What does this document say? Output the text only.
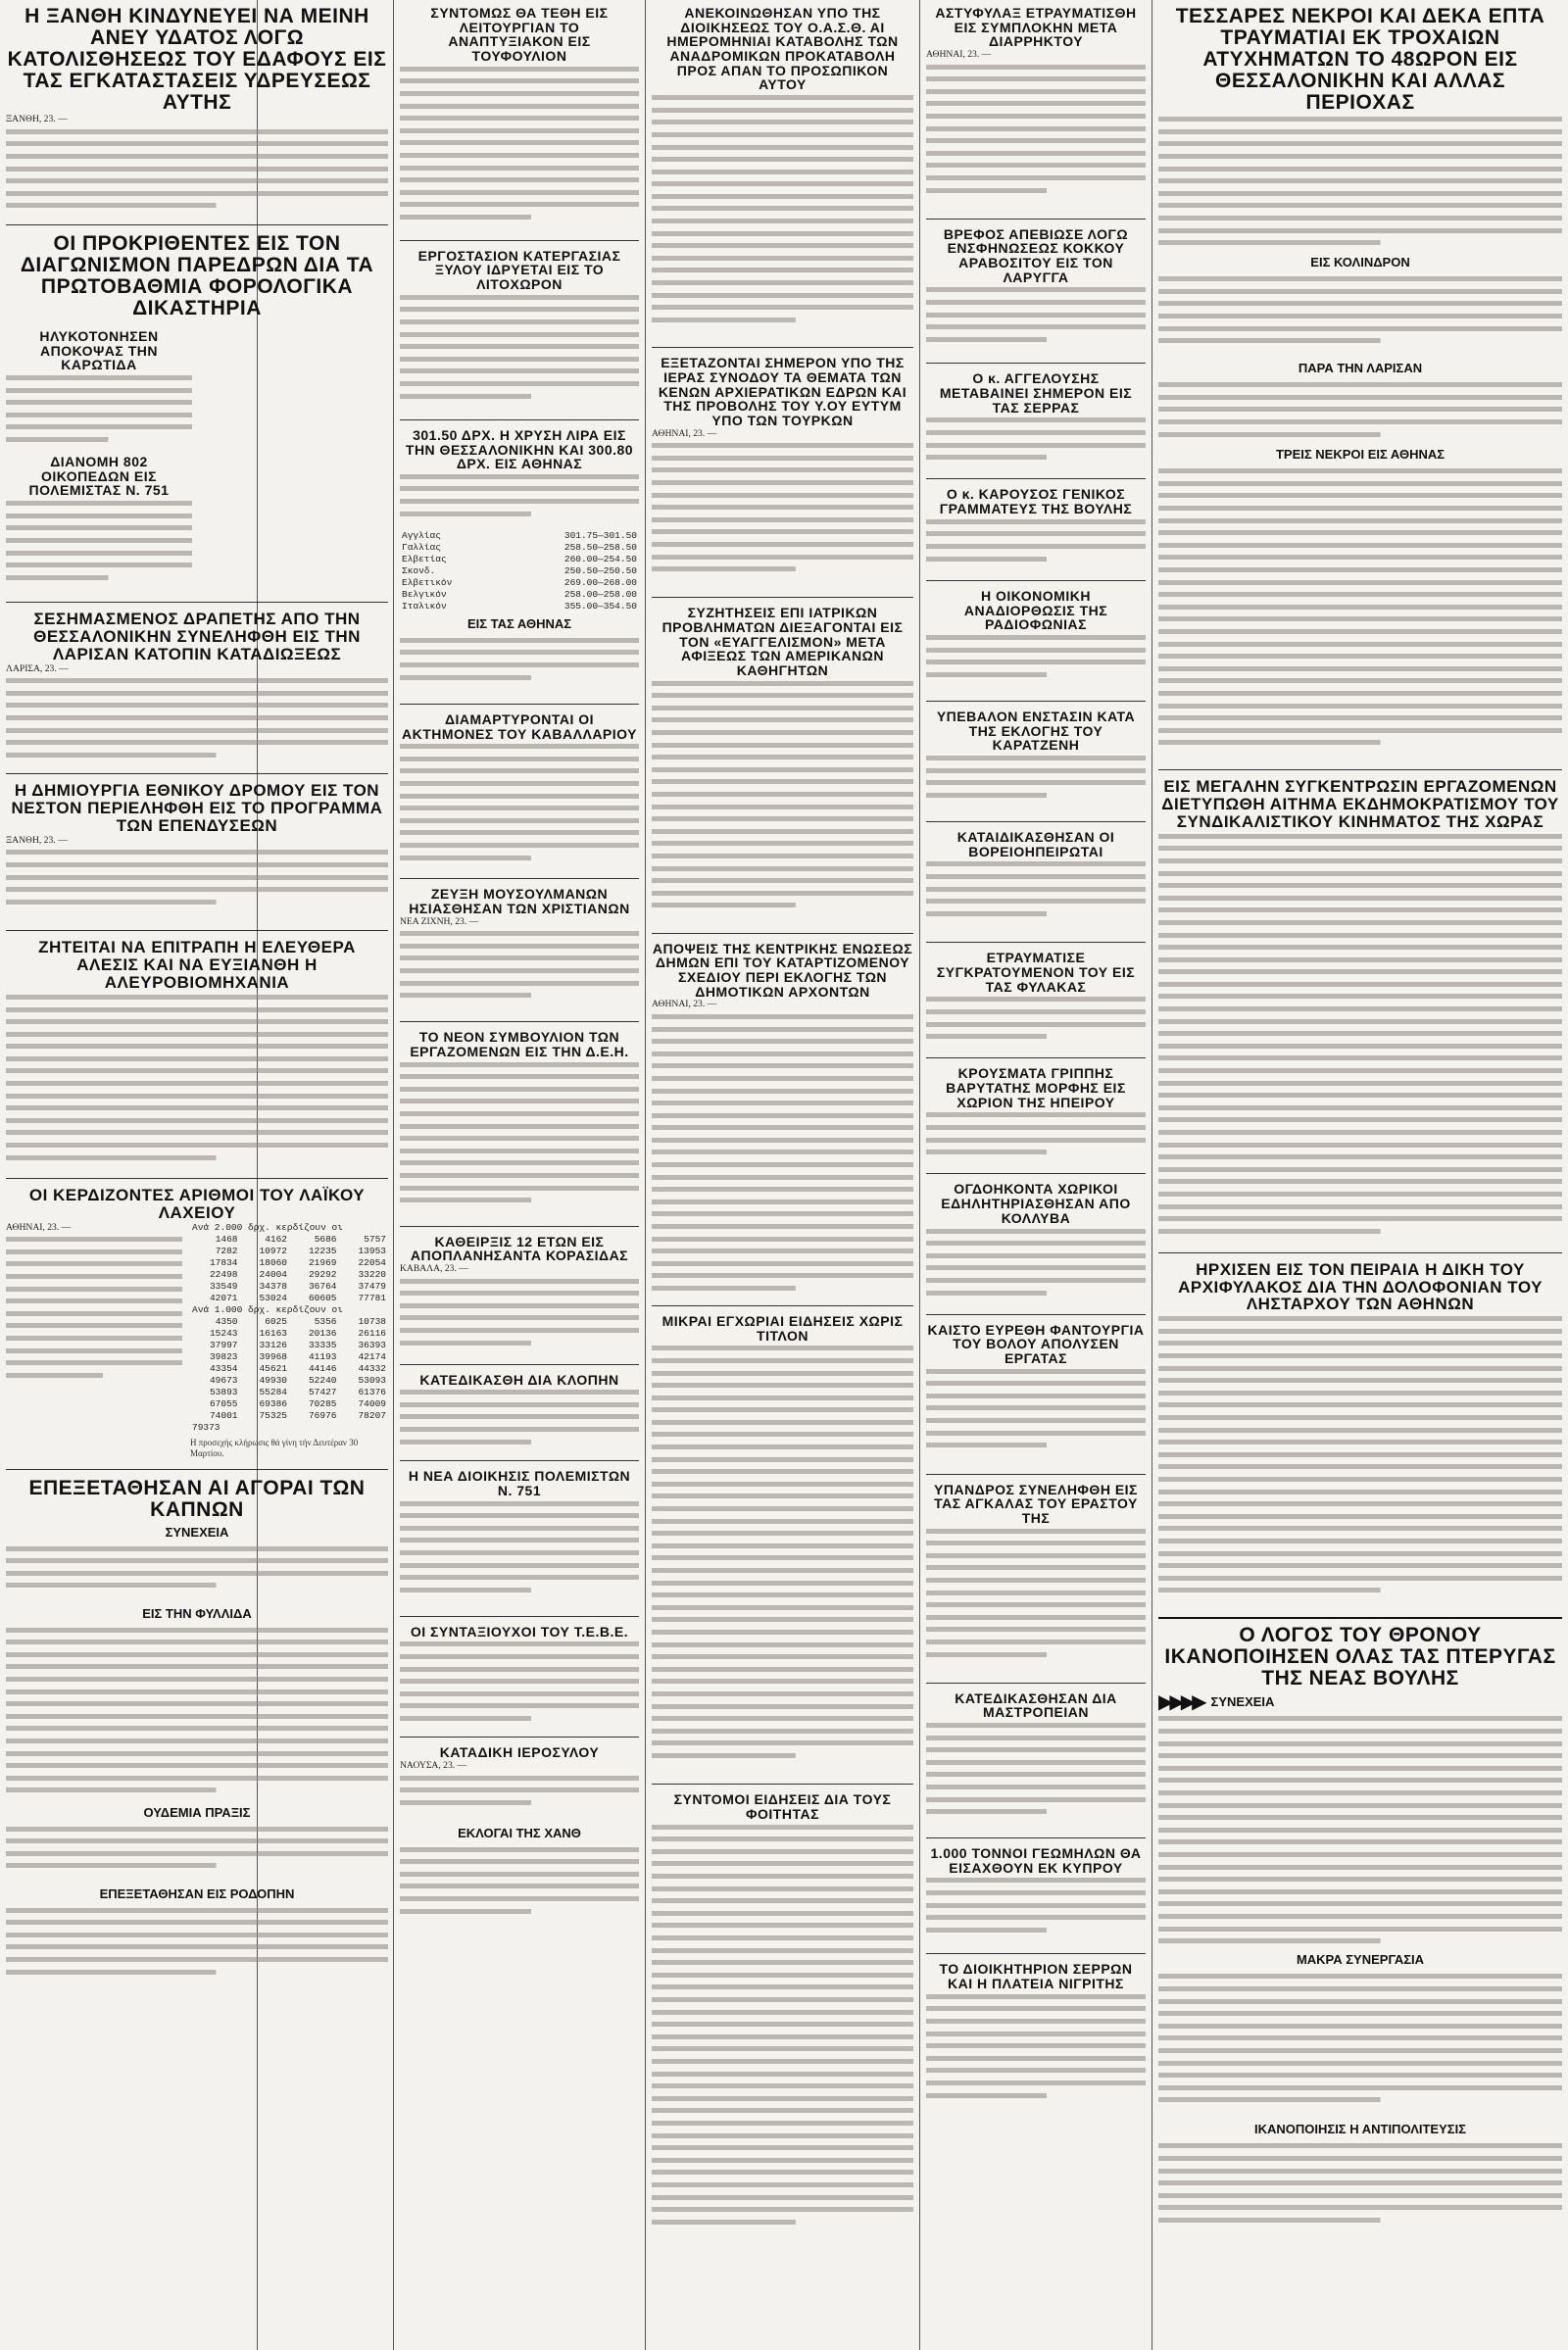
Η ΞΑΝΘΗ ΚΙΝΔΥΝΕΥΕΙ ΝΑ ΜΕΙΝΗ ΑΝΕΥ ΥΔΑΤΟΣ ΛΟΓΩ ΚΑΤΟΛΙΣΘΗΣΕΩΣ ΤΟΥ ΕΔΑΦΟΥΣ ΕΙΣ ΤΑΣ ΕΓΚΑΤΑΣΤΑΣΕΙΣ ΥΔΡΕΥΣΕΩΣ ΑΥΤΗΣ
ΞΑΝΘΗ, 23. —
ΟΙ ΠΡΟΚΡΙΘΕΝΤΕΣ ΕΙΣ ΤΟΝ ΔΙΑΓΩΝΙΣΜΟΝ ΠΑΡΕΔΡΩΝ ΔΙΑ ΤΑ ΠΡΩΤΟΒΑΘΜΙΑ ΦΟΡΟΛΟΓΙΚΑ ΔΙΚΑΣΤΗΡΙΑ
ΗΛΥΚΟΤΟΝΗΣΕΝ ΑΠΟΚΟΨΑΣ ΤΗΝ ΚΑΡΩΤΙΔΑ
ΔΙΑΝΟΜΗ 802 ΟΙΚΟΠΕΔΩΝ ΕΙΣ ΠΟΛΕΜΙΣΤΑΣ Ν. 751
ΣΕΣΗΜΑΣΜΕΝΟΣ ΔΡΑΠΕΤΗΣ ΑΠΟ ΤΗΝ ΘΕΣΣΑΛΟΝΙΚΗΝ ΣΥΝΕΛΗΦΘΗ ΕΙΣ ΤΗΝ ΛΑΡΙΣΑΝ ΚΑΤΟΠΙΝ ΚΑΤΑΔΙΩΞΕΩΣ
ΛΑΡΙΣΑ, 23. —
Η ΔΗΜΙΟΥΡΓΙΑ ΕΘΝΙΚΟΥ ΔΡΟΜΟΥ ΕΙΣ ΤΟΝ ΝΕΣΤΟΝ ΠΕΡΙΕΛΗΦΘΗ ΕΙΣ ΤΟ ΠΡΟΓΡΑΜΜΑ ΤΩΝ ΕΠΕΝΔΥΣΕΩΝ
ΞΑΝΘΗ, 23. —
ΖΗΤΕΙΤΑΙ ΝΑ ΕΠΙΤΡΑΠΗ Η ΕΛΕΥΘΕΡΑ ΑΛΕΣΙΣ ΚΑΙ ΝΑ ΕΥΞΙΑΝΘΗ Η ΑΛΕΥΡΟΒΙΟΜΗΧΑΝΙΑ
ΟΙ ΚΕΡΔΙΖΟΝΤΕΣ ΑΡΙΘΜΟΙ ΤΟΥ ΛΑΪΚΟΥ ΛΑΧΕΙΟΥ
ΑΘΗΝΑΙ, 23. —	Ανά 2.000 δρχ. κερδίζουν οι			
1468	4162	5686	5757
7282	10972	12235	13953
17834	18060	21969	22054
22498	24004	29292	33220
33549	34378	36764	37479
42071	53024	60605	77781
Ανά 1.000 δρχ. κερδίζουν οι			
4350	6025	5356	10738
15243	16163	20136	26116
37997	33126	33335	36393
39823	39968	41193	42174
43354	45621	44146	44332
49673	49930	52240	53093
53893	55284	57427	61376
67055	69386	70285	74009
74001	75325	76976	78207
79373			
Η προσεχής κλήρωσις θά γίνη τήν Δευτέραν 30 Μαρτίου.
ΕΠΕΞΕΤΑΘΗΣΑΝ ΑΙ ΑΓΟΡΑΙ ΤΩΝ ΚΑΠΝΩΝ
ΣΥΝΕΧΕΙΑ
ΕΙΣ ΤΗΝ ΦΥΛΛΙΔΑ
ΟΥΔΕΜΙΑ ΠΡΑΞΙΣ
ΕΠΕΞΕΤΑΘΗΣΑΝ ΕΙΣ ΡΟΔΟΠΗΝ
ΣΥΝΤΟΜΩΣ ΘΑ ΤΕΘΗ ΕΙΣ ΛΕΙΤΟΥΡΓΙΑΝ ΤΟ ΑΝΑΠΤΥΞΙΑΚΟΝ ΕΙΣ ΤΟΥΦΟΥΛΙΟΝ
ΕΡΓΟΣΤΑΣΙΟΝ ΚΑΤΕΡΓΑΣΙΑΣ ΞΥΛΟΥ ΙΔΡΥΕΤΑΙ ΕΙΣ ΤΟ ΛΙΤΟΧΩΡΟΝ
301.50 ΔΡΧ. Η ΧΡΥΣΗ ΛΙΡΑ ΕΙΣ ΤΗΝ ΘΕΣΣΑΛΟΝΙΚΗΝ ΚΑΙ 300.80 ΔΡΧ. ΕΙΣ ΑΘΗΝΑΣ
Αγγλίας	301.75—301.50
Γαλλίας	258.50—258.50
Ελβετίας	260.00—254.50
Σκονδ.	250.50—250.50
Ελβετικόν	269.00—268.00
Βελγικόν	258.00—258.00
Ιταλικόν	355.00—354.50
ΕΙΣ ΤΑΣ ΑΘΗΝΑΣ
ΔΙΑΜΑΡΤΥΡΟΝΤΑΙ ΟΙ ΑΚΤΗΜΟΝΕΣ ΤΟΥ ΚΑΒΑΛΛΑΡΙΟΥ
ΖΕΥΞΗ ΜΟΥΣΟΥΛΜΑΝΩΝ ΗΣΙΑΣΘΗΣΑΝ ΤΩΝ ΧΡΙΣΤΙΑΝΩΝ
ΝΕΑ ΖΙΧΝΗ, 23. —
ΤΟ ΝΕΟΝ ΣΥΜΒΟΥΛΙΟΝ ΤΩΝ ΕΡΓΑΖΟΜΕΝΩΝ ΕΙΣ ΤΗΝ Δ.Ε.Η.
ΚΑΘΕΙΡΞΙΣ 12 ΕΤΩΝ ΕΙΣ ΑΠΟΠΛΑΝΗΣΑΝΤΑ ΚΟΡΑΣΙΔΑΣ
ΚΑΒΑΛΑ, 23. —
ΚΑΤΕΔΙΚΑΣΘΗ ΔΙΑ ΚΛΟΠΗΝ
Η ΝΕΑ ΔΙΟΙΚΗΣΙΣ ΠΟΛΕΜΙΣΤΩΝ Ν. 751
ΟΙ ΣΥΝΤΑΞΙΟΥΧΟΙ ΤΟΥ Τ.Ε.Β.Ε.
ΚΑΤΑΔΙΚΗ ΙΕΡΟΣΥΛΟΥ
ΝΑΟΥΣΑ, 23. —
ΕΚΛΟΓΑΙ ΤΗΣ ΧΑΝΘ
ΑΝΕΚΟΙΝΩΘΗΣΑΝ ΥΠΟ ΤΗΣ ΔΙΟΙΚΗΣΕΩΣ ΤΟΥ Ο.Α.Σ.Θ. ΑΙ ΗΜΕΡΟΜΗΝΙΑΙ ΚΑΤΑΒΟΛΗΣ ΤΩΝ ΑΝΑΔΡΟΜΙΚΩΝ ΠΡΟΚΑΤΑΒΟΛΗ ΠΡΟΣ ΑΠΑΝ ΤΟ ΠΡΟΣΩΠΙΚΟΝ ΑΥΤΟΥ
ΕΞΕΤΑΖΟΝΤΑΙ ΣΗΜΕΡΟΝ ΥΠΟ ΤΗΣ ΙΕΡΑΣ ΣΥΝΟΔΟΥ ΤΑ ΘΕΜΑΤΑ ΤΩΝ ΚΕΝΩΝ ΑΡΧΙΕΡΑΤΙΚΩΝ ΕΔΡΩΝ ΚΑΙ ΤΗΣ ΠΡΟΒΟΛΗΣ ΤΟΥ Υ.ΟΥ ΕΥΤΥΜ ΥΠΟ ΤΩΝ ΤΟΥΡΚΩΝ
ΑΘΗΝΑΙ, 23. —
ΣΥΖΗΤΗΣΕΙΣ ΕΠΙ ΙΑΤΡΙΚΩΝ ΠΡΟΒΛΗΜΑΤΩΝ ΔΙΕΞΑΓΟΝΤΑΙ ΕΙΣ ΤΟΝ «ΕΥΑΓΓΕΛΙΣΜΟΝ» ΜΕΤΑ ΑΦΙΞΕΩΣ ΤΩΝ ΑΜΕΡΙΚΑΝΩΝ ΚΑΘΗΓΗΤΩΝ
ΑΠΟΨΕΙΣ ΤΗΣ ΚΕΝΤΡΙΚΗΣ ΕΝΩΣΕΩΣ ΔΗΜΩΝ ΕΠΙ ΤΟΥ ΚΑΤΑΡΤΙΖΟΜΕΝΟΥ ΣΧΕΔΙΟΥ ΠΕΡΙ ΕΚΛΟΓΗΣ ΤΩΝ ΔΗΜΟΤΙΚΩΝ ΑΡΧΟΝΤΩΝ
ΑΘΗΝΑΙ, 23. —
ΜΙΚΡΑΙ ΕΓΧΩΡΙΑΙ ΕΙΔΗΣΕΙΣ ΧΩΡΙΣ ΤΙΤΛΟΝ
ΣΥΝΤΟΜΟΙ ΕΙΔΗΣΕΙΣ ΔΙΑ ΤΟΥΣ ΦΟΙΤΗΤΑΣ
ΑΣΤΥΦΥΛΑΞ ΕΤΡΑΥΜΑΤΙΣΘΗ ΕΙΣ ΣΥΜΠΛΟΚΗΝ ΜΕΤΑ ΔΙΑΡΡΗΚΤΟΥ
ΑΘΗΝΑΙ, 23. —
ΒΡΕΦΟΣ ΑΠΕΒΙΩΣΕ ΛΟΓΩ ΕΝΣΦΗΝΩΣΕΩΣ ΚΟΚΚΟΥ ΑΡΑΒΟΣΙΤΟΥ ΕΙΣ ΤΟΝ ΛΑΡΥΓΓΑ
Ο κ. ΑΓΓΕΛΟΥΣΗΣ ΜΕΤΑΒΑΙΝΕΙ ΣΗΜΕΡΟΝ ΕΙΣ ΤΑΣ ΣΕΡΡΑΣ
Ο κ. ΚΑΡΟΥΣΟΣ ΓΕΝΙΚΟΣ ΓΡΑΜΜΑΤΕΥΣ ΤΗΣ ΒΟΥΛΗΣ
Η ΟΙΚΟΝΟΜΙΚΗ ΑΝΑΔΙΟΡΘΩΣΙΣ ΤΗΣ ΡΑΔΙΟΦΩΝΙΑΣ
ΥΠΕΒΑΛΟΝ ΕΝΣΤΑΣΙΝ ΚΑΤΑ ΤΗΣ ΕΚΛΟΓΗΣ ΤΟΥ ΚΑΡΑΤΖΕΝΗ
ΚΑΤΑΙΔΙΚΑΣΘΗΣΑΝ ΟΙ ΒΟΡΕΙΟΗΠΕΙΡΩΤΑΙ
ΕΤΡΑΥΜΑΤΙΣΕ ΣΥΓΚΡΑΤΟΥΜΕΝΟΝ ΤΟΥ ΕΙΣ ΤΑΣ ΦΥΛΑΚΑΣ
ΚΡΟΥΣΜΑΤΑ ΓΡΙΠΠΗΣ ΒΑΡΥΤΑΤΗΣ ΜΟΡΦΗΣ ΕΙΣ ΧΩΡΙΟΝ ΤΗΣ ΗΠΕΙΡΟΥ
ΟΓΔΟΗΚΟΝΤΑ ΧΩΡΙΚΟΙ ΕΔΗΛΗΤΗΡΙΑΣΘΗΣΑΝ ΑΠΟ ΚΟΛΛΥΒΑ
ΚΑΙΣΤΟ ΕΥΡΕΘΗ ΦΑΝΤΟΥΡΓΙΑ ΤΟΥ ΒΟΛΟΥ ΑΠΟΛΥΣΕΝ ΕΡΓΑΤΑΣ
ΥΠΑΝΔΡΟΣ ΣΥΝΕΛΗΦΘΗ ΕΙΣ ΤΑΣ ΑΓΚΑΛΑΣ ΤΟΥ ΕΡΑΣΤΟΥ ΤΗΣ
ΚΑΤΕΔΙΚΑΣΘΗΣΑΝ ΔΙΑ ΜΑΣΤΡΟΠΕΙΑΝ
1.000 ΤΟΝΝΟΙ ΓΕΩΜΗΛΩΝ ΘΑ ΕΙΣΑΧΘΟΥΝ ΕΚ ΚΥΠΡΟΥ
ΤΟ ΔΙΟΙΚΗΤΗΡΙΟΝ ΣΕΡΡΩΝ ΚΑΙ Η ΠΛΑΤΕΙΑ ΝΙΓΡΙΤΗΣ
ΤΕΣΣΑΡΕΣ ΝΕΚΡΟΙ ΚΑΙ ΔΕΚΑ ΕΠΤΑ ΤΡΑΥΜΑΤΙΑΙ ΕΚ ΤΡΟΧΑΙΩΝ ΑΤΥΧΗΜΑΤΩΝ ΤΟ 48ΩΡΟΝ ΕΙΣ ΘΕΣΣΑΛΟΝΙΚΗΝ ΚΑΙ ΑΛΛΑΣ ΠΕΡΙΟΧΑΣ
ΕΙΣ ΚΟΛΙΝΔΡΟΝ
ΠΑΡΑ ΤΗΝ ΛΑΡΙΣΑΝ
ΤΡΕΙΣ ΝΕΚΡΟΙ ΕΙΣ ΑΘΗΝΑΣ
ΕΙΣ ΜΕΓΑΛΗΝ ΣΥΓΚΕΝΤΡΩΣΙΝ ΕΡΓΑΖΟΜΕΝΩΝ ΔΙΕΤΥΠΩΘΗ ΑΙΤΗΜΑ ΕΚΔΗΜΟΚΡΑΤΙΣΜΟΥ ΤΟΥ ΣΥΝΔΙΚΑΛΙΣΤΙΚΟΥ ΚΙΝΗΜΑΤΟΣ ΤΗΣ ΧΩΡΑΣ
ΗΡΧΙΣΕΝ ΕΙΣ ΤΟΝ ΠΕΙΡΑΙΑ Η ΔΙΚΗ ΤΟΥ ΑΡΧΙΦΥΛΑΚΟΣ ΔΙΑ ΤΗΝ ΔΟΛΟΦΟΝΙΑΝ ΤΟΥ ΛΗΣΤΑΡΧΟΥ ΤΩΝ ΑΘΗΝΩΝ
Ο ΛΟΓΟΣ ΤΟΥ ΘΡΟΝΟΥ ΙΚΑΝΟΠΟΙΗΣΕΝ ΟΛΑΣ ΤΑΣ ΠΤΕΡΥΓΑΣ ΤΗΣ ΝΕΑΣ ΒΟΥΛΗΣ
▶▶▶▶ ΣΥΝΕΧΕΙΑ
ΜΑΚΡΑ ΣΥΝΕΡΓΑΣΙΑ
ΙΚΑΝΟΠΟΙΗΣΙΣ Η ΑΝΤΙΠΟΛΙΤΕΥΣΙΣ
